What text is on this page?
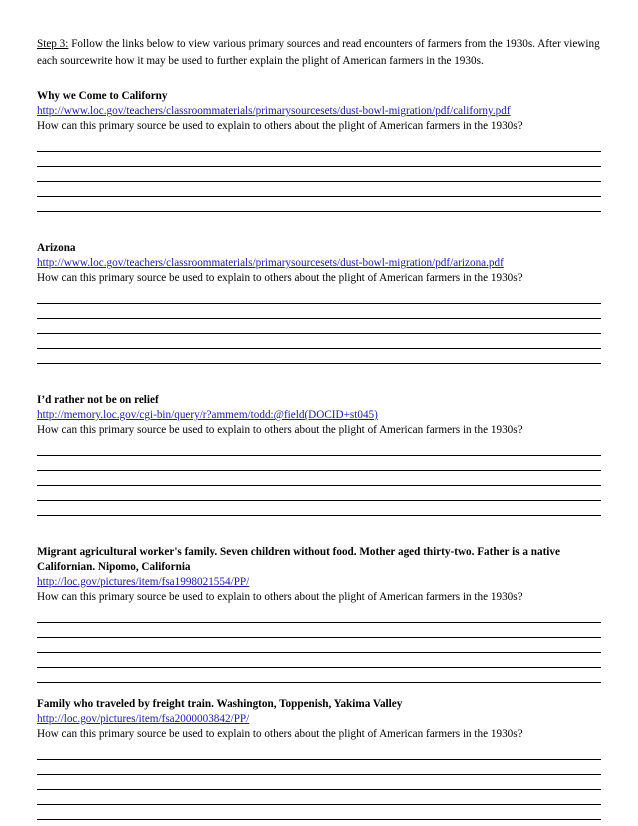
Step 3: Follow the links below to view various primary sources and read encounters of farmers from the 1930s. After viewing each sourcewrite how it may be used to further explain the plight of American farmers in the 1930s.

Why we Come to Californy

http://www.loc.gov/teachers/classroommaterials/primarysourcesets/dust-bowl-migration/pdf/californy.pdf

How can this primary source be used to explain to others about the plight of American farmers in the 1930s?

Arizona

http://www.loc.gov/teachers/classroommaterials/primarysourcesets/dust-bowl-migration/pdf/arizona.pdf

How can this primary source be used to explain to others about the plight of American farmers in the 1930s?

I’d rather not be on relief

http://memory.loc.gov/cgi-bin/query/r?ammem/todd:@field(DOCID+st045)

How can this primary source be used to explain to others about the plight of American farmers in the 1930s?

Migrant agricultural worker's family. Seven children without food. Mother aged thirty-two. Father is a native Californian. Nipomo, California

http://loc.gov/pictures/item/fsa1998021554/PP/

How can this primary source be used to explain to others about the plight of American farmers in the 1930s?

Family who traveled by freight train. Washington, Toppenish, Yakima Valley

http://loc.gov/pictures/item/fsa2000003842/PP/

How can this primary source be used to explain to others about the plight of American farmers in the 1930s?
